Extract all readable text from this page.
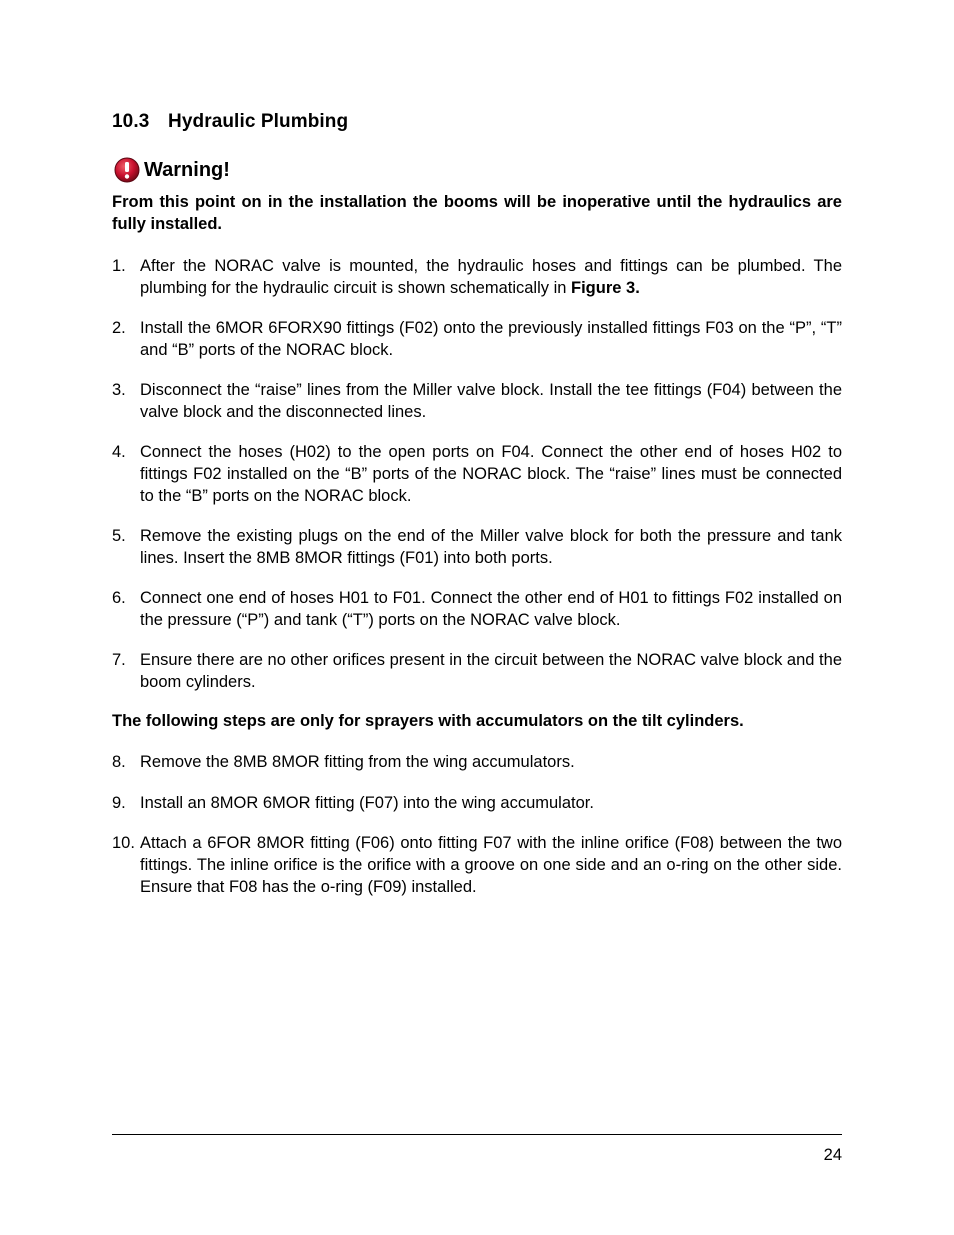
10.3 Hydraulic Plumbing
Warning!
From this point on in the installation the booms will be inoperative until the hydraulics are fully installed.
1. After the NORAC valve is mounted, the hydraulic hoses and fittings can be plumbed. The plumbing for the hydraulic circuit is shown schematically in Figure 3.
2. Install the 6MOR 6FORX90 fittings (F02) onto the previously installed fittings F03 on the “P”, “T” and “B” ports of the NORAC block.
3. Disconnect the “raise” lines from the Miller valve block. Install the tee fittings (F04) between the valve block and the disconnected lines.
4. Connect the hoses (H02) to the open ports on F04. Connect the other end of hoses H02 to fittings F02 installed on the “B” ports of the NORAC block. The “raise” lines must be connected to the “B” ports on the NORAC block.
5. Remove the existing plugs on the end of the Miller valve block for both the pressure and tank lines. Insert the 8MB 8MOR fittings (F01) into both ports.
6. Connect one end of hoses H01 to F01. Connect the other end of H01 to fittings F02 installed on the pressure (“P”) and tank (“T”) ports on the NORAC valve block.
7. Ensure there are no other orifices present in the circuit between the NORAC valve block and the boom cylinders.
The following steps are only for sprayers with accumulators on the tilt cylinders.
8. Remove the 8MB 8MOR fitting from the wing accumulators.
9. Install an 8MOR 6MOR fitting (F07) into the wing accumulator.
10. Attach a 6FOR 8MOR fitting (F06) onto fitting F07 with the inline orifice (F08) between the two fittings. The inline orifice is the orifice with a groove on one side and an o-ring on the other side. Ensure that F08 has the o-ring (F09) installed.
24
